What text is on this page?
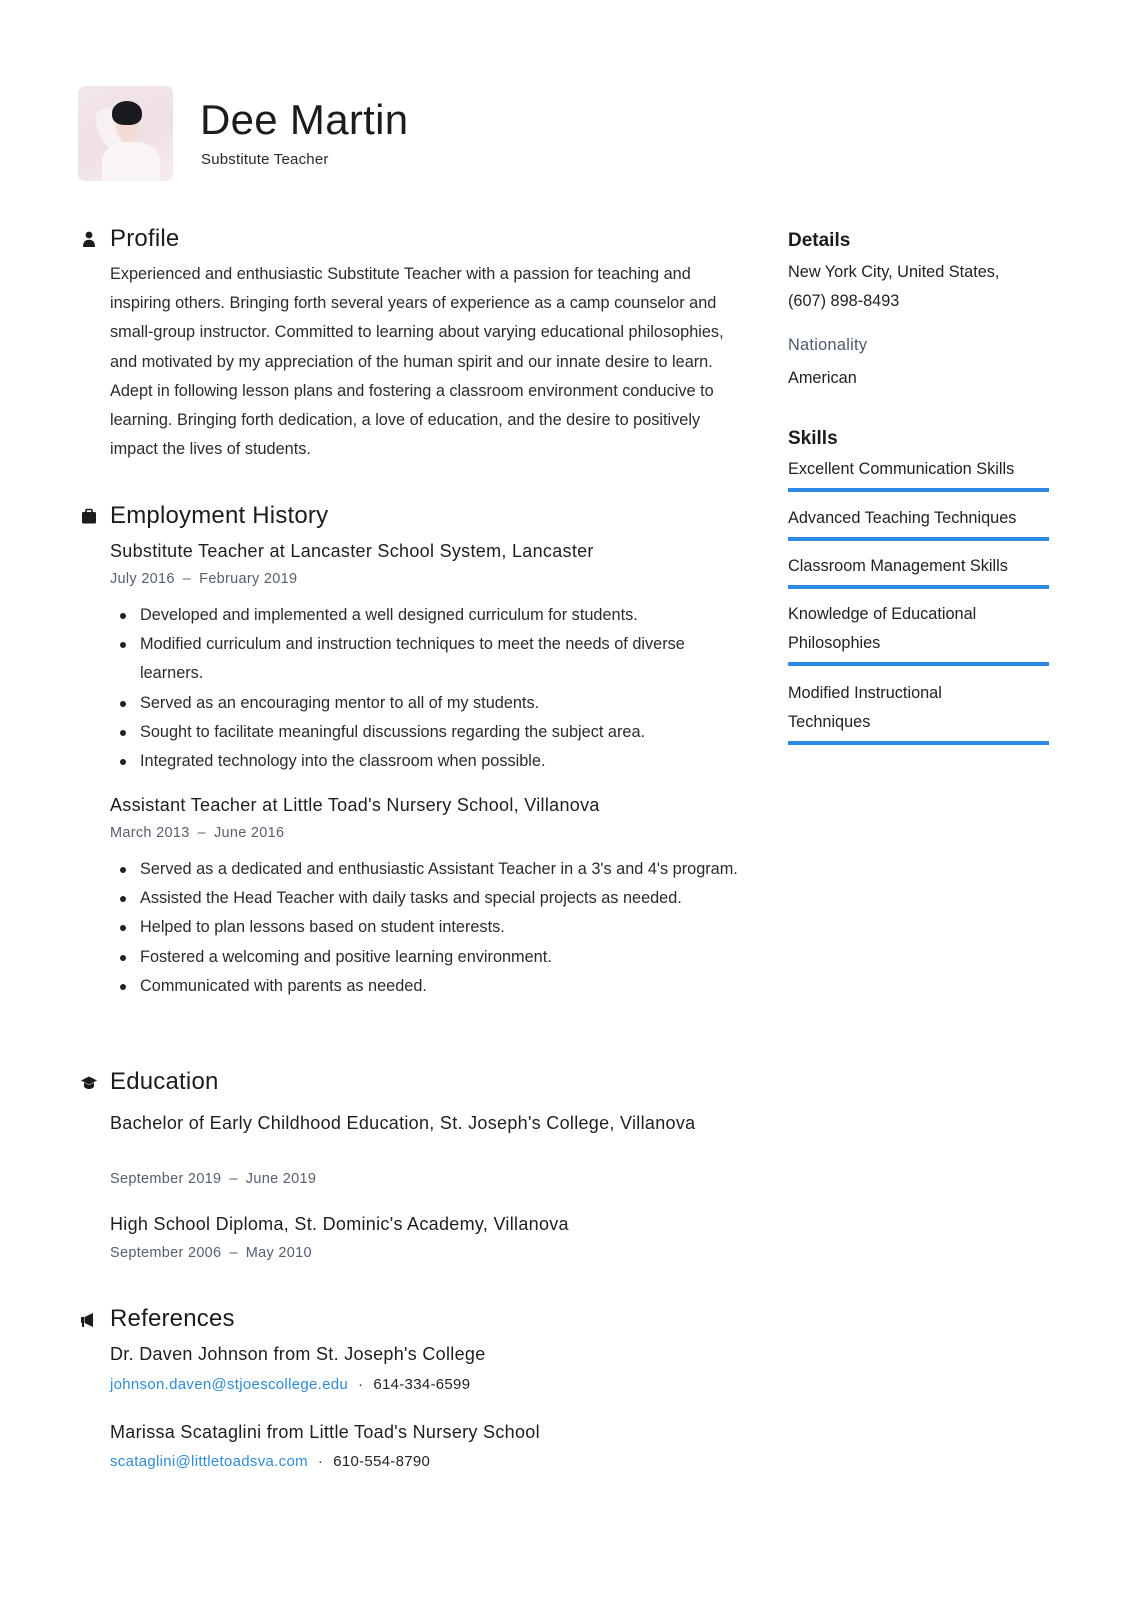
Dee Martin
Substitute Teacher
Profile
Experienced and enthusiastic Substitute Teacher with a passion for teaching and inspiring others. Bringing forth several years of experience as a camp counselor and small-group instructor. Committed to learning about varying educational philosophies, and motivated by my appreciation of the human spirit and our innate desire to learn. Adept in following lesson plans and fostering a classroom environment conducive to learning. Bringing forth dedication, a love of education, and the desire to positively impact the lives of students.
Employment History
Substitute Teacher at Lancaster School System, Lancaster
July 2016 – February 2019
Developed and implemented a well designed curriculum for students.
Modified curriculum and instruction techniques to meet the needs of diverse learners.
Served as an encouraging mentor to all of my students.
Sought to facilitate meaningful discussions regarding the subject area.
Integrated technology into the classroom when possible.
Assistant Teacher at Little Toad's Nursery School, Villanova
March 2013 – June 2016
Served as a dedicated and enthusiastic Assistant Teacher in a 3's and 4's program.
Assisted the Head Teacher with daily tasks and special projects as needed.
Helped to plan lessons based on student interests.
Fostered a welcoming and positive learning environment.
Communicated with parents as needed.
Education
Bachelor of Early Childhood Education, St. Joseph's College, Villanova
September 2019 – June 2019
High School Diploma, St. Dominic's Academy, Villanova
September 2006 – May 2010
References
Dr. Daven Johnson from St. Joseph's College
johnson.daven@stjoescollege.edu · 614-334-6599
Marissa Scataglini from Little Toad's Nursery School
scataglini@littletoadsva.com · 610-554-8790
Details
New York City, United States,
(607) 898-8493
Nationality
American
Skills
Excellent Communication Skills
Advanced Teaching Techniques
Classroom Management Skills
Knowledge of Educational Philosophies
Modified Instructional Techniques
